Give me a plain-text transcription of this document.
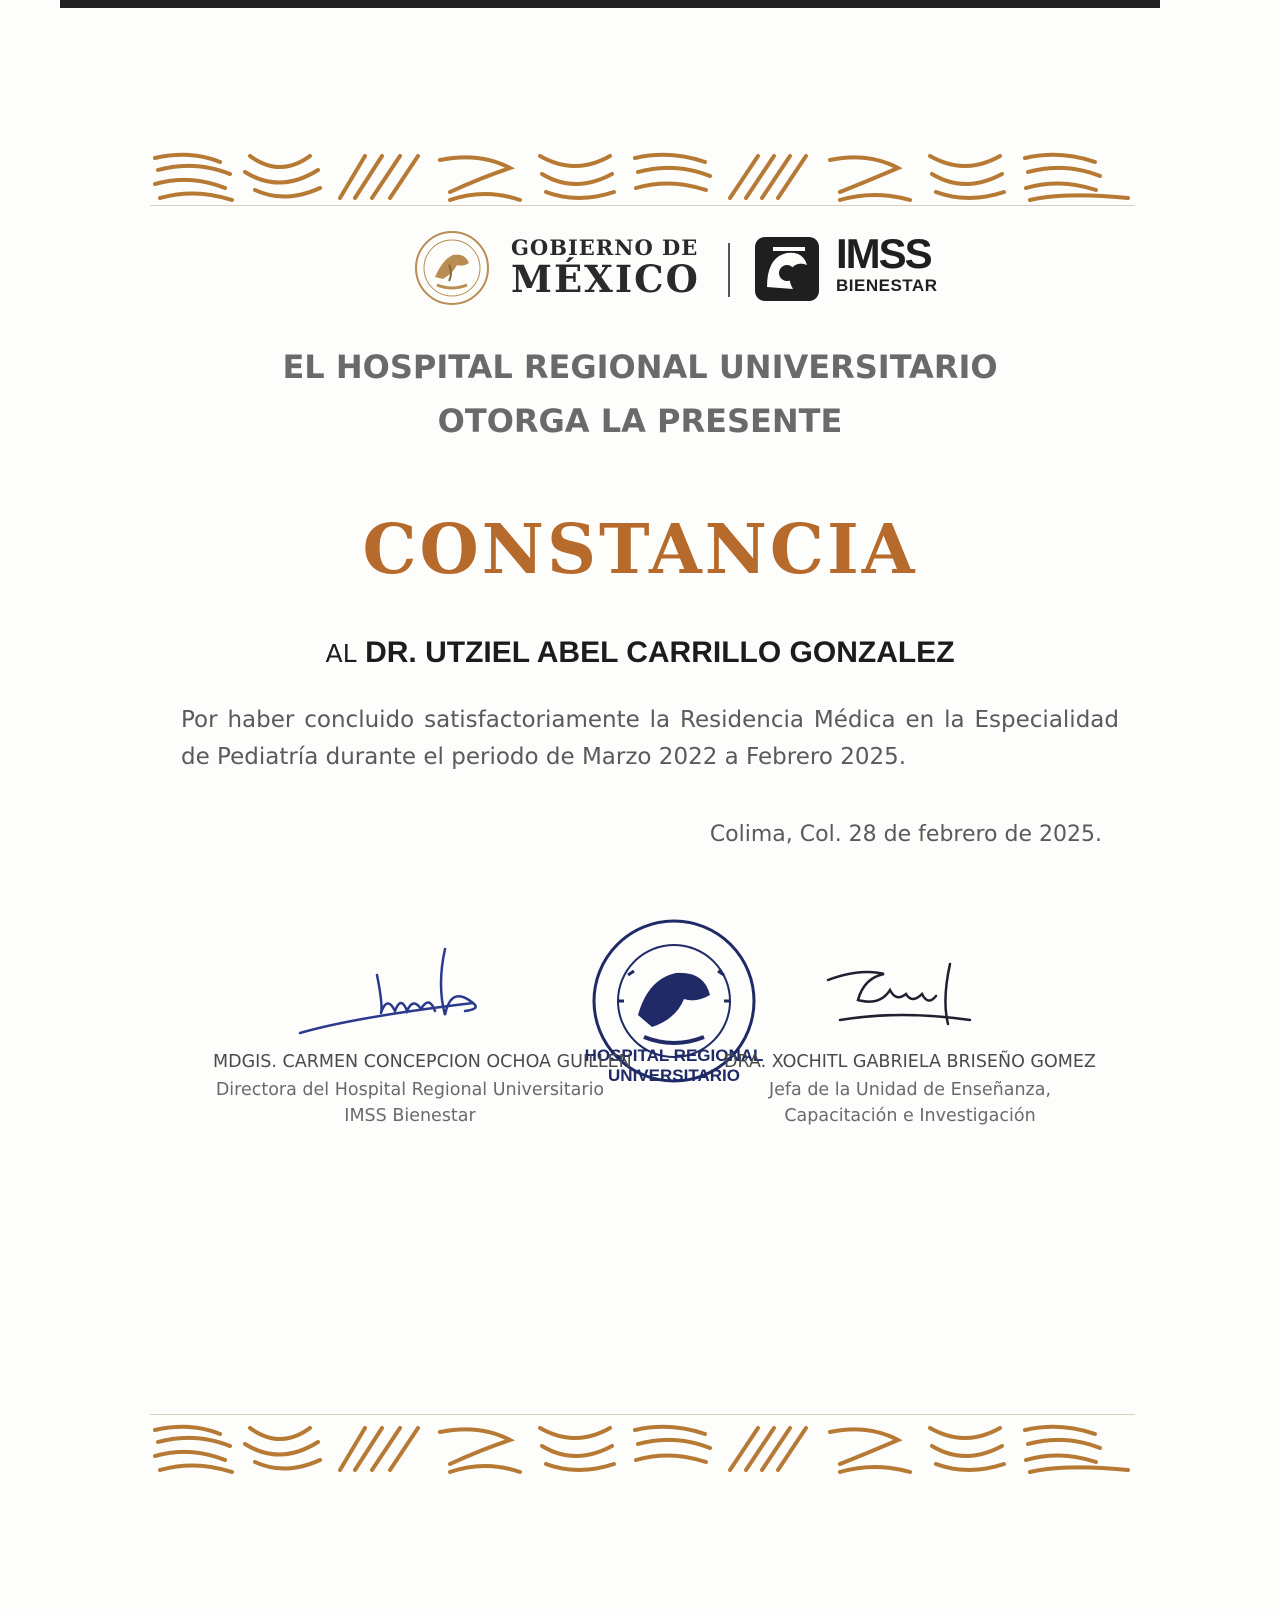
GOBIERNO DE
MÉXICO
IMSS
BIENESTAR
EL HOSPITAL REGIONAL UNIVERSITARIO
OTORGA LA PRESENTE
CONSTANCIA
AL DR. UTZIEL ABEL CARRILLO GONZALEZ
Por haber concluido satisfactoriamente la Residencia Médica en la Especialidad de Pediatría durante el periodo de Marzo 2022 a Febrero 2025.
Colima, Col. 28 de febrero de 2025.
HOSPITAL REGIONAL
UNIVERSITARIO
MDGIS. CARMEN CONCEPCION OCHOA GUILLEN
Directora del Hospital Regional Universitario
IMSS Bienestar
DRA. XOCHITL GABRIELA BRISEÑO GOMEZ
Jefa de la Unidad de Enseñanza,
Capacitación e Investigación
